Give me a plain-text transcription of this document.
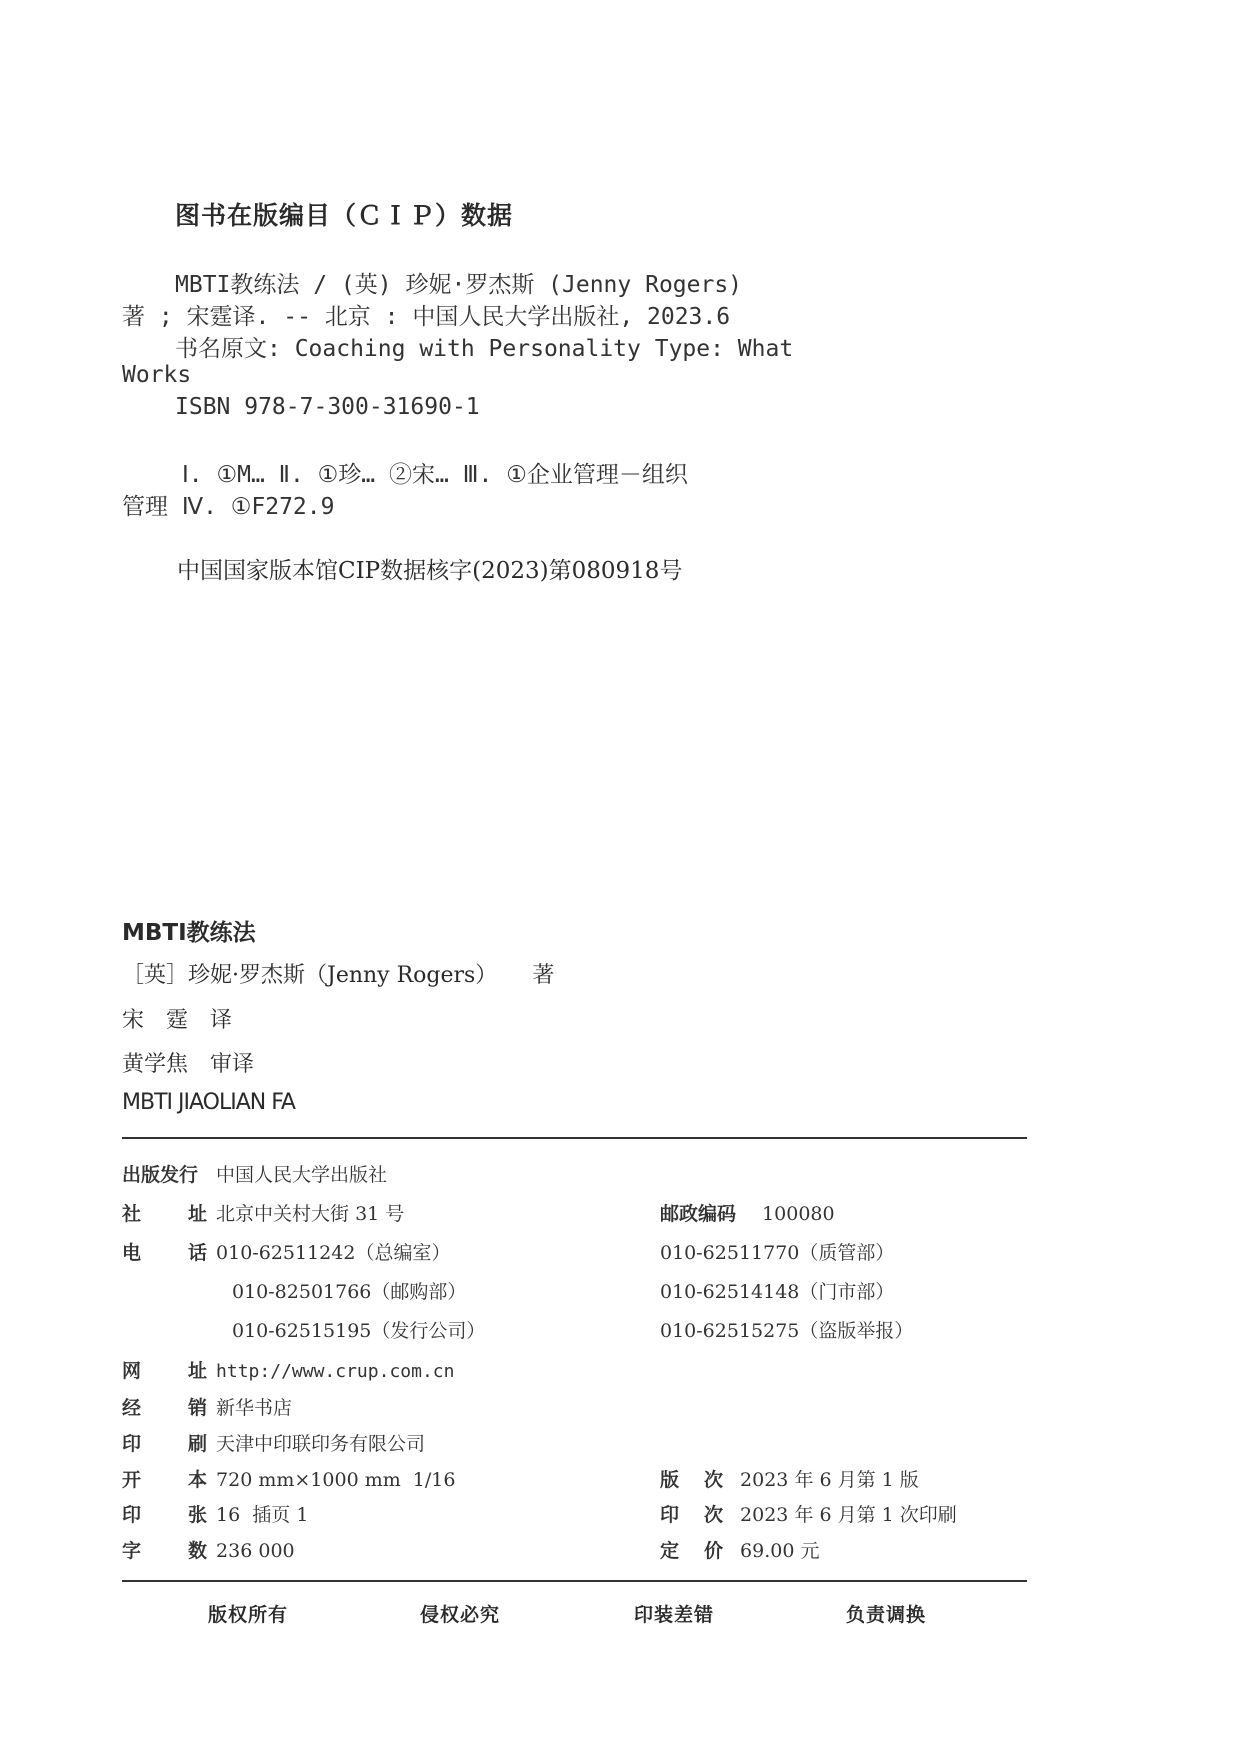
图书在版编目（ＣＩＰ）数据
MBTI教练法 / (英) 珍妮·罗杰斯 (Jenny Rogers)
著 ; 宋霆译. -- 北京 : 中国人民大学出版社, 2023.6
书名原文: Coaching with Personality Type: What
Works
ISBN 978-7-300-31690-1
Ⅰ. ①M… Ⅱ. ①珍… ②宋… Ⅲ. ①企业管理－组织
管理 Ⅳ. ①F272.9
中国国家版本馆CIP数据核字(2023)第080918号
MBTI教练法
［英］珍妮·罗杰斯（Jenny Rogers） 著
宋　霆　译
黄学焦　审译
MBTI JIAOLIAN FA
出版发行 中国人民大学出版社
社 址 北京中关村大街 31 号	邮政编码 100080
电 话 010-62511242（总编室）	010-62511770（质管部）
010-82501766（邮购部）	010-62514148（门市部）
010-62515195（发行公司）	010-62515275（盗版举报）
网 址 http://www.crup.com.cn
经 销 新华书店
印 刷 天津中印联印务有限公司
开 本 720 mm×1000 mm  1/16	版 次 2023 年 6 月第 1 版
印 张 16  插页 1	印 次 2023 年 6 月第 1 次印刷
字 数 236 000	定 价 69.00 元
版权所有	侵权必究	印装差错	负责调换
